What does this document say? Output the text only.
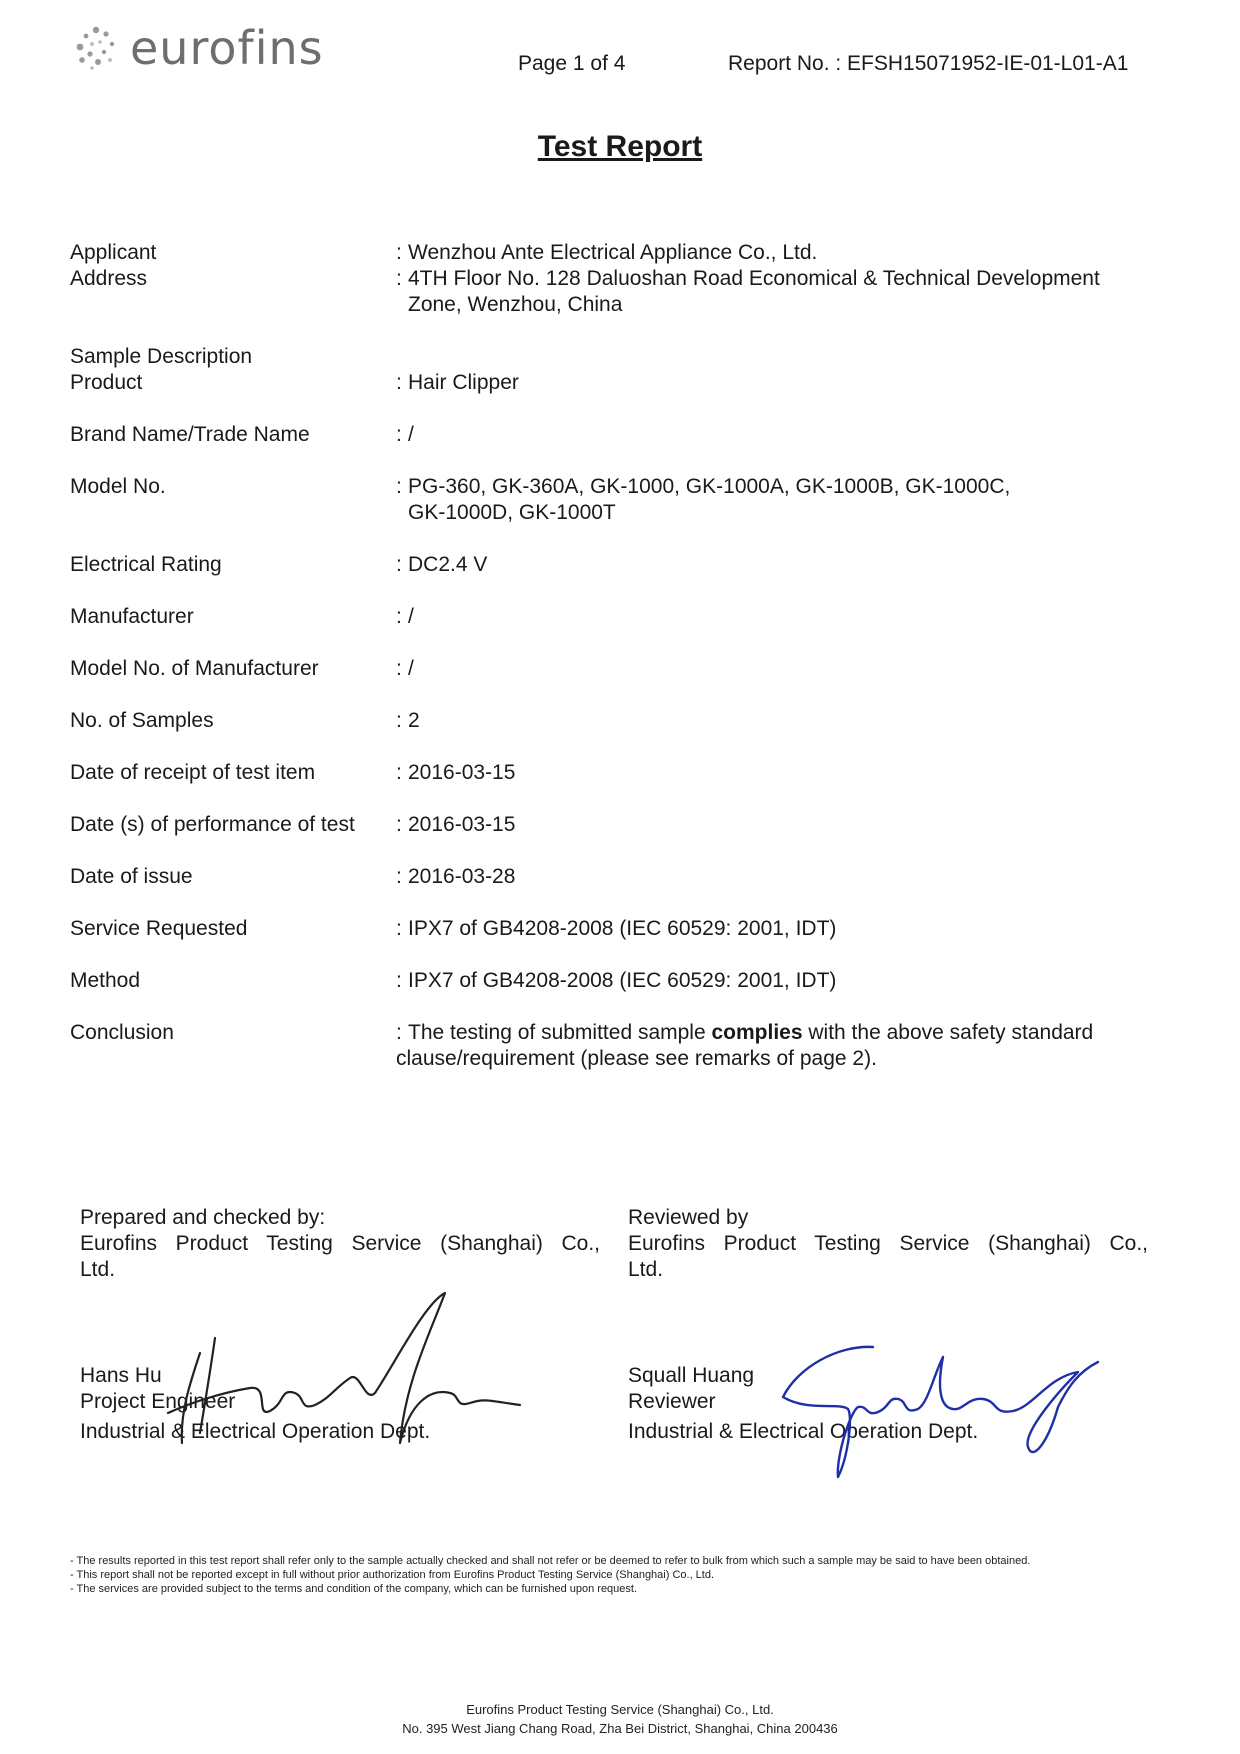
eurofins	Page 1 of 4	Report No. : EFSH15071952-IE-01-L01-A1
Test Report
Applicant	: Wenzhou Ante Electrical Appliance Co., Ltd.
Address	: 4TH Floor No. 128 Daluoshan Road Economical & Technical Development
Zone, Wenzhou, China
Sample Description
Product	: Hair Clipper
Brand Name/Trade Name	: /
Model No.	: PG-360, GK-360A, GK-1000, GK-1000A, GK-1000B, GK-1000C,
GK-1000D, GK-1000T
Electrical Rating	: DC2.4 V
Manufacturer	: /
Model No. of Manufacturer	: /
No. of Samples	: 2
Date of receipt of test item	: 2016-03-15
Date (s) of performance of test	: 2016-03-15
Date of issue	: 2016-03-28
Service Requested	: IPX7 of GB4208-2008 (IEC 60529: 2001, IDT)
Method	: IPX7 of GB4208-2008 (IEC 60529: 2001, IDT)
Conclusion	: The testing of submitted sample complies with the above safety standard
clause/requirement (please see remarks of page 2).
Prepared and checked by:
Eurofins Product Testing Service (Shanghai) Co.,
Ltd.
Hans Hu
Project Engineer
Industrial & Electrical Operation Dept.
Reviewed by
Eurofins Product Testing Service (Shanghai) Co.,
Ltd.
Squall Huang
Reviewer
Industrial & Electrical Operation Dept.
- The results reported in this test report shall refer only to the sample actually checked and shall not refer or be deemed to refer to bulk from which such a sample may be said to have been obtained.
- This report shall not be reported except in full without prior authorization from Eurofins Product Testing Service (Shanghai) Co., Ltd.
- The services are provided subject to the terms and condition of the company, which can be furnished upon request.
Eurofins Product Testing Service (Shanghai) Co., Ltd.
No. 395 West Jiang Chang Road, Zha Bei District, Shanghai, China 200436
